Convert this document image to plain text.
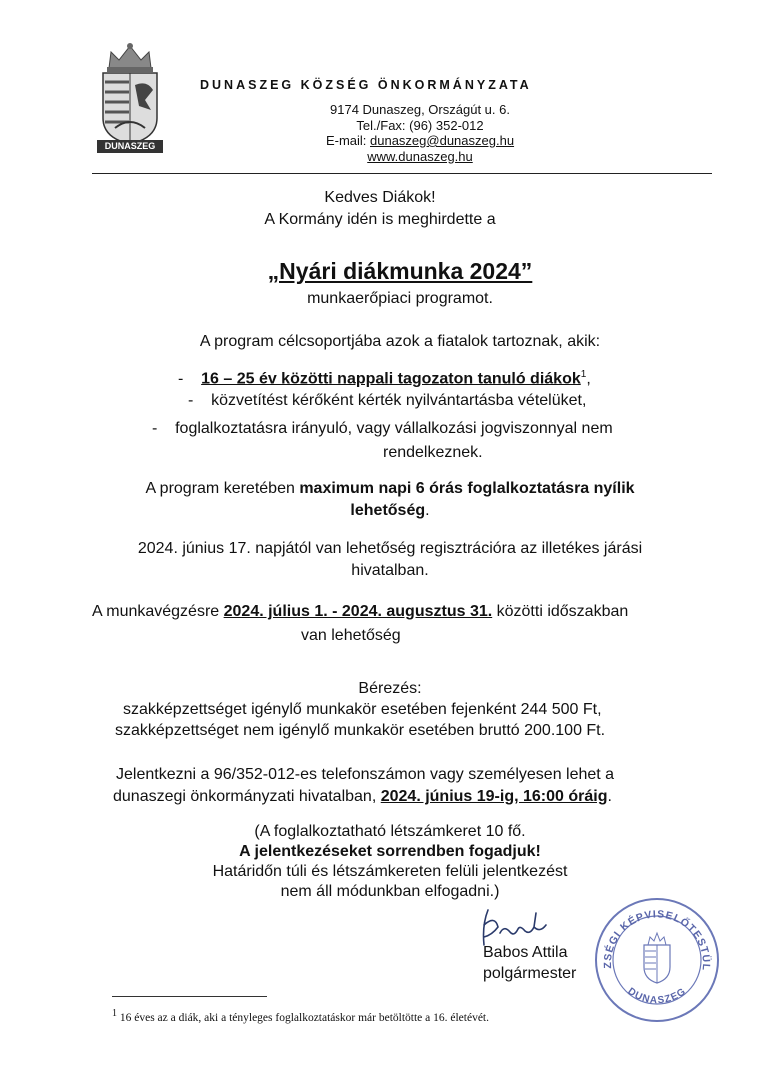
DUNASZEG
DUNASZEG KÖZSÉG ÖNKORMÁNYZATA
9174 Dunaszeg, Országút u. 6.
Tel./Fax: (96) 352-012
E-mail: dunaszeg@dunaszeg.hu
www.dunaszeg.hu
Kedves Diákok!
A Kormány idén is meghirdette a
„Nyári diákmunka 2024”
munkaerőpiaci programot.
A program célcsoportjába azok a fiatalok tartoznak, akik:
- 16 – 25 év közötti nappali tagozaton tanuló diákok$^1$,
- közvetítést kérőként kérték nyilvántartásba vételüket,
- foglalkoztatásra irányuló, vagy vállalkozási jogviszonnyal nem
rendelkeznek.
A program keretében maximum napi 6 órás foglalkoztatásra nyílik
lehetőség.
2024. június 17. napjától van lehetőség regisztrációra az illetékes járási
hivatalban.
A munkavégzésre 2024. július 1. - 2024. augusztus 31. közötti időszakban
van lehetőség
Bérezés:
szakképzettséget igénylő munkakör esetében fejenként 244 500 Ft,
szakképzettséget nem igénylő munkakör esetében bruttó 200.100 Ft.
Jelentkezni a 96/352-012-es telefonszámon vagy személyesen lehet a
dunaszegi önkormányzati hivatalban, 2024. június 19-ig, 16:00 óráig.
(A foglalkoztatható létszámkeret 10 fő.
A jelentkezéseket sorrendben fogadjuk!
Határidőn túli és létszámkereten felüli jelentkezést
nem áll módunkban elfogadni.)
Babos Attila
polgármester
ZSÉGI KÉPVISELŐTESTÜL
DUNASZEG
$^1$ 16 éves az a diák, aki a tényleges foglalkoztatáskor már betöltötte a 16. életévét.
